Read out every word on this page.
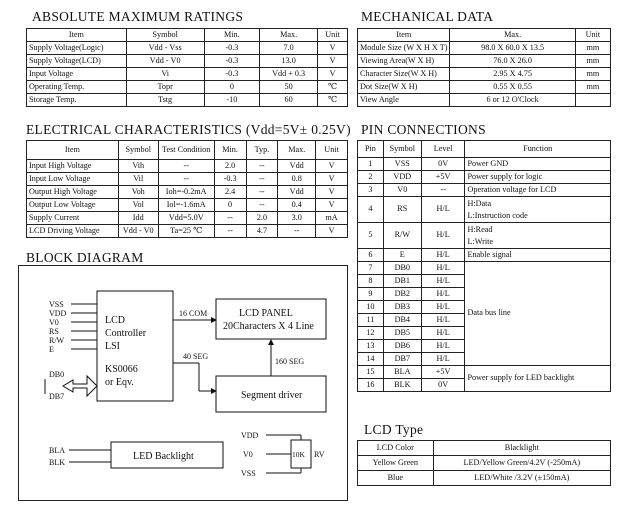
ABSOLUTE MAXIMUM RATINGS
Item	Symbol	Min.	Max.	Unit
Supply Voltage(Logic)	Vdd - Vss	-0.3	7.0	V
Supply Voltage(LCD)	Vdd - V0	-0.3	13.0	V
Input Voltage	Vi	-0.3	Vdd + 0.3	V
Operating Temp.	Topr	0	50	℃
Storage Temp.	Tstg	-10	60	℃
ELECTRICAL CHARACTERISTICS (Vdd=5V± 0.25V)
Item	Symbol	Test Condition	Min.	Typ.	Max.	Unit
Input High Voltage	Vih	--	2.0	--	Vdd	V
Input Low Voltage	Vil	--	-0.3	--	0.8	V
Output High Voltage	Voh	Ioh=-0.2mA	2.4	--	Vdd	V
Output Low Voltage	Vol	Iol=-1.6mA	0	--	0.4	V
Supply Current	Idd	Vdd=5.0V	--	2.0	3.0	mA
LCD Driving Voltage	Vdd - V0	Ta=25 ℃	--	4.7	--	V
MECHANICAL DATA
Item	Max.	Unit
Module Size (W X H X T)	98.0 X 60.0 X 13.5	mm
Viewing Area(W X H)	76.0 X 26.0	mm
Character Size(W X H)	2.95 X 4.75	mm
Dot Size(W X H)	0.55 X 0.55	mm
View Angle	6 or 12 O'Clock	
PIN CONNECTIONS
Pin	Symbol	Level	Function
1	VSS	0V	Power GND

2	VDD	+5V	Power supply for logic

3	V0	--	Operation voltage for LCD

4	RS	H/L	H:Data
L:Instruction code

5	R/W	H/L	H:Read
L:Write

6	E	H/L	Enable signal

7	DB0	H/L	Data bus line
8	DB1	H/L	
9	DB2	H/L	
10	DB3	H/L	
11	DB4	H/L	
12	DB5	H/L	
13	DB6	H/L	
14	DB7	H/L	
15	BLA	+5V	Power supply for LED backlight
16	BLK	0V	
LCD Type
LCD Color	Blacklight
Yellow Green	LED/Yellow Green/4.2V (-250mA)
Blue	LED/White /3.2V (±150mA)
BLOCK DIAGRAM
VSS
VDD
V0
RS
R/W
E
DB0
DB7
16 COM
40 SEG
160 SEG
BLA
BLK
VDD
V0
VSS
10K RV
LCD
Controller
LSI
KS0066
or Eqv.
LCD PANEL
20Characters X 4 Line
Segment driver
LED Backlight
